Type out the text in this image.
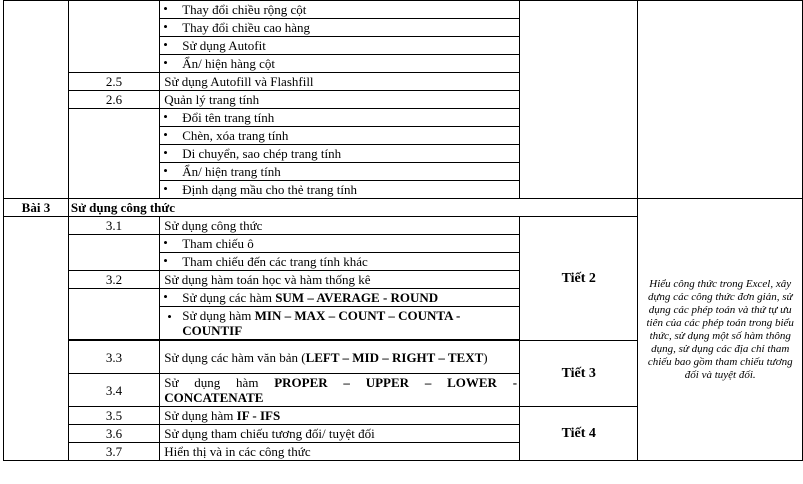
		• Thay đổi chiều rộng cột		

		• Thay đổi chiều cao hàng		

		• Sử dụng Autofit		

		• Ẩn/ hiện hàng cột		
	2.5	Sử dụng Autofill và Flashfill		
	2.6	Quản lý trang tính		

		• Đổi tên trang tính		

		• Chèn, xóa trang tính		

		• Di chuyển, sao chép trang tính		

		• Ẩn/ hiện trang tính		

		• Định dạng mầu cho thẻ trang tính		
Bài 3	Sử dụng công thức			Hiểu công thức trong Excel, xây dựng các công thức đơn giản, sử dụng các phép toán và thứ tự ưu tiên của các phép toán trong biểu thức, sử dụng một số hàm thông dụng, sử dụng các địa chỉ tham chiếu bao gồm tham chiếu tương đối và tuyệt đối.
	3.1	Sử dụng công thức	Tiết 2	

		• Tham chiếu ô		

		• Tham chiếu đến các trang tính khác		
	3.2	Sử dụng hàm toán học và hàm thống kê		

		• Sử dụng các hàm SUM – AVERAGE - ROUND		

		• Sử dụng hàm MIN – MAX – COUNT – COUNTA - COUNTIF		

	3.3	Sử dụng các hàm văn bản (LEFT – MID – RIGHT – TEXT)	Tiết 3	
	3.4	Sử dụng hàm PROPER – UPPER – LOWER - CONCATENATE		
	3.5	Sử dụng hàm IF - IFS	Tiết 4	
	3.6	Sử dụng tham chiếu tương đối/ tuyệt đối		
	3.7	Hiển thị và in các công thức		
